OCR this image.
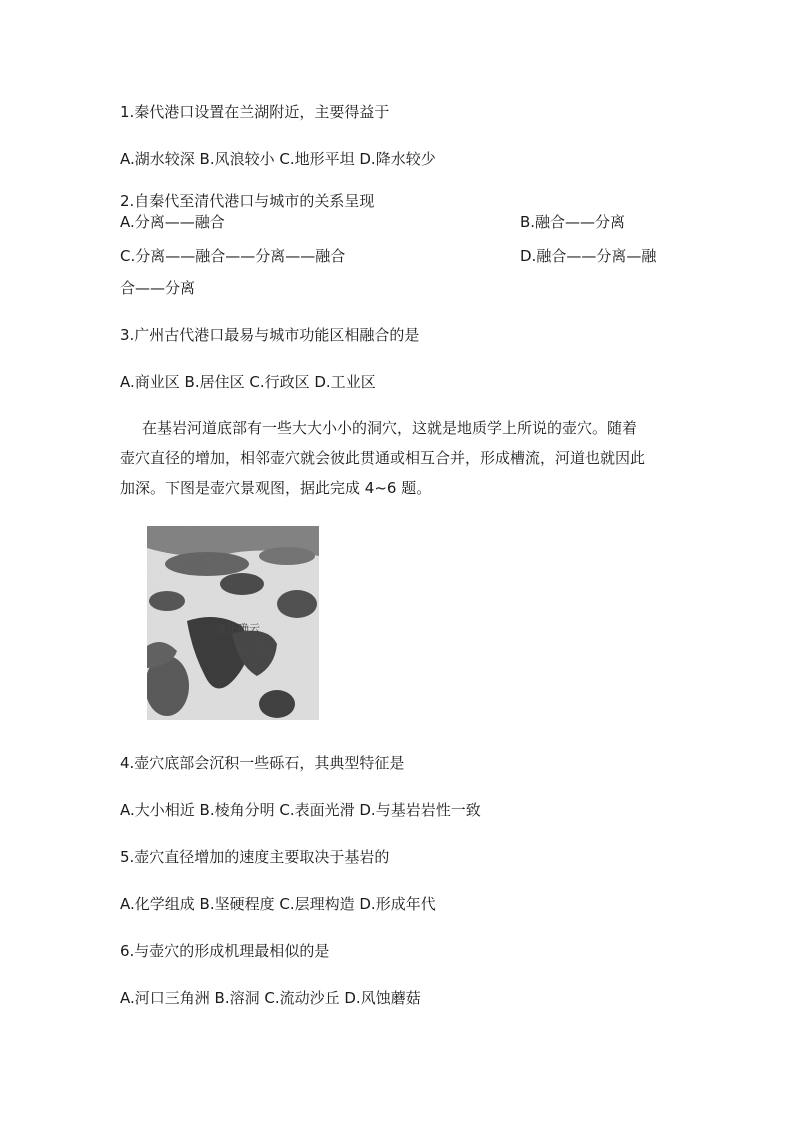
1.秦代港口设置在兰湖附近，主要得益于
A.湖水较深 B.风浪较小 C.地形平坦 D.降水较少
2.自秦代至清代港口与城市的关系呈现
A.分离——融合	B.融合——分离
C.分离——融合——分离——融合	D.融合——分离—融
合——分离
3.广州古代港口最易与城市功能区相融合的是
A.商业区 B.居住区 C.行政区 D.工业区
在基岩河道底部有一些大大小小的洞穴，这就是地质学上所说的壶穴。随着
壶穴直径的增加，相邻壶穴就会彼此贯通或相互合并，形成槽流，河道也就因此
加深。下图是壶穴景观图，据此完成 4~6 题。
@正确云
4.壶穴底部会沉积一些砾石，其典型特征是
A.大小相近 B.棱角分明 C.表面光滑 D.与基岩岩性一致
5.壶穴直径增加的速度主要取决于基岩的
A.化学组成 B.坚硬程度 C.层理构造 D.形成年代
6.与壶穴的形成机理最相似的是
A.河口三角洲 B.溶洞 C.流动沙丘 D.风蚀蘑菇
